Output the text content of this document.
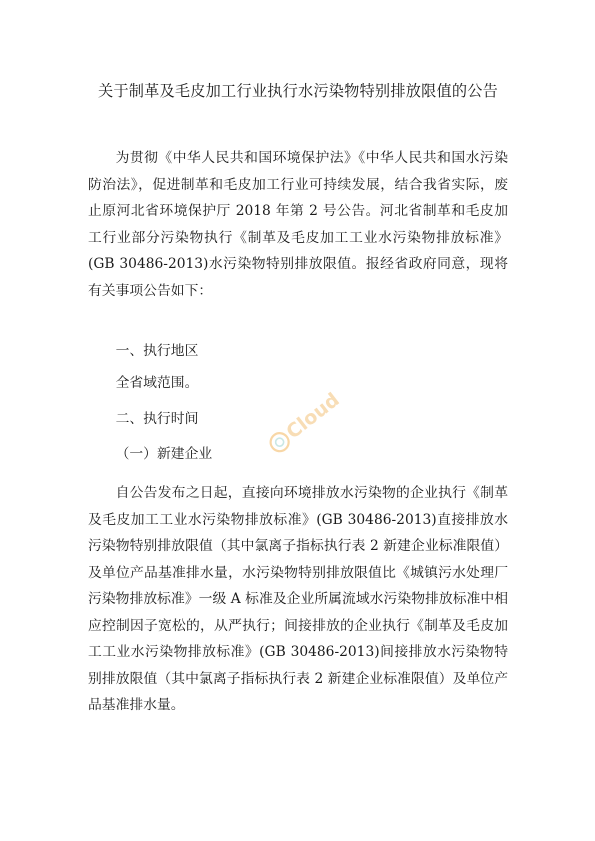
关于制革及毛皮加工行业执行水污染物特别排放限值的公告
为贯彻《中华人民共和国环境保护法》《中华人民共和国水污染防治法》，促进制革和毛皮加工行业可持续发展，结合我省实际，废止原河北省环境保护厅 2018 年第 2 号公告。河北省制革和毛皮加工行业部分污染物执行《制革及毛皮加工工业水污染物排放标准》(GB 30486-2013)水污染物特别排放限值。报经省政府同意，现将有关事项公告如下：
一、执行地区
全省域范围。
二、执行时间
（一）新建企业
自公告发布之日起，直接向环境排放水污染物的企业执行《制革及毛皮加工工业水污染物排放标准》(GB 30486-2013)直接排放水污染物特别排放限值（其中氯离子指标执行表 2 新建企业标准限值）及单位产品基准排水量，水污染物特别排放限值比《城镇污水处理厂污染物排放标准》一级 A 标准及企业所属流域水污染物排放标准中相应控制因子宽松的，从严执行；间接排放的企业执行《制革及毛皮加工工业水污染物排放标准》(GB 30486-2013)间接排放水污染物特别排放限值（其中氯离子指标执行表 2 新建企业标准限值）及单位产品基准排水量。
Cloud
